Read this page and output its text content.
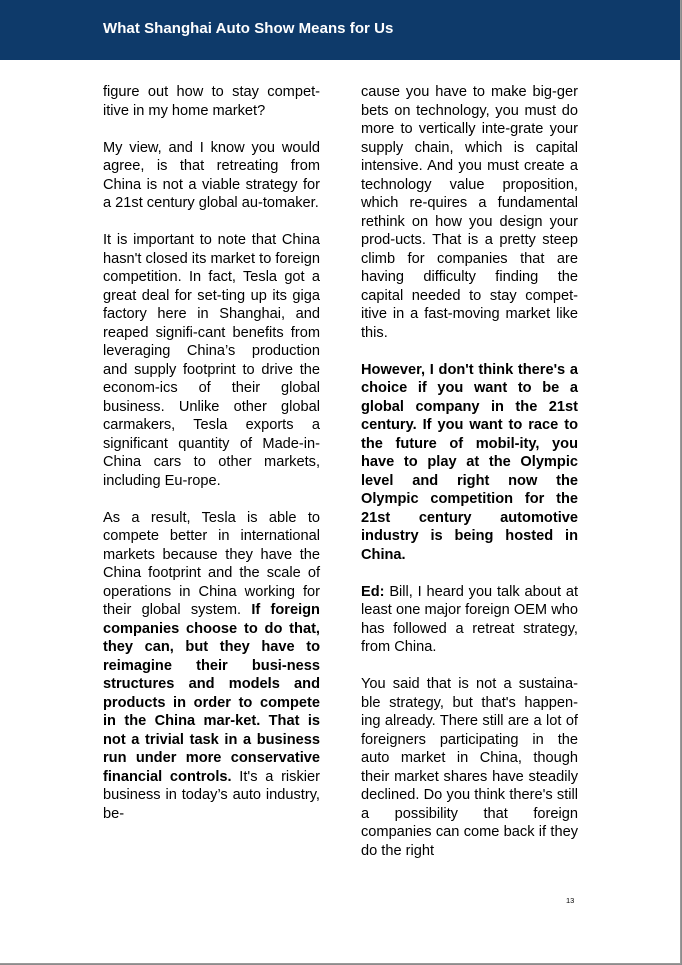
What Shanghai Auto Show Means for Us

figure out how to stay compet-itive in my home market?

My view, and I know you would agree, is that retreating from China is not a viable strategy for a 21st century global au-tomaker.

It is important to note that China hasn't closed its market to foreign competition. In fact, Tesla got a great deal for set-ting up its giga factory here in Shanghai, and reaped signifi-cant benefits from leveraging China’s production and supply footprint to drive the econom-ics of their global business. Unlike other global carmakers, Tesla exports a significant quantity of Made-in-China cars to other markets, including Eu-rope.

As a result, Tesla is able to compete better in international markets because they have the China footprint and the scale of operations in China working for their global system. If foreign companies choose to do that, they can, but they have to reimagine their busi-ness structures and models and products in order to compete in the China mar-ket. That is not a trivial task in a business run under more conservative financial controls. It's a riskier business in today’s auto industry, be-

cause you have to make big-ger bets on technology, you must do more to vertically inte-grate your supply chain, which is capital intensive. And you must create a technology value proposition, which re-quires a fundamental rethink on how you design your prod-ucts. That is a pretty steep climb for companies that are having difficulty finding the capital needed to stay compet-itive in a fast-moving market like this.

However, I don't think there's a choice if you want to be a global company in the 21st century. If you want to race to the future of mobil-ity, you have to play at the Olympic level and right now the Olympic competition for the 21st century automotive industry is being hosted in China.

Ed: Bill, I heard you talk about at least one major foreign OEM who has followed a retreat strategy, from China.

You said that is not a sustaina-ble strategy, but that's happen-ing already. There still are a lot of foreigners participating in the auto market in China, though their market shares have steadily declined. Do you think there's still a possibility that foreign companies can come back if they do the right

13
